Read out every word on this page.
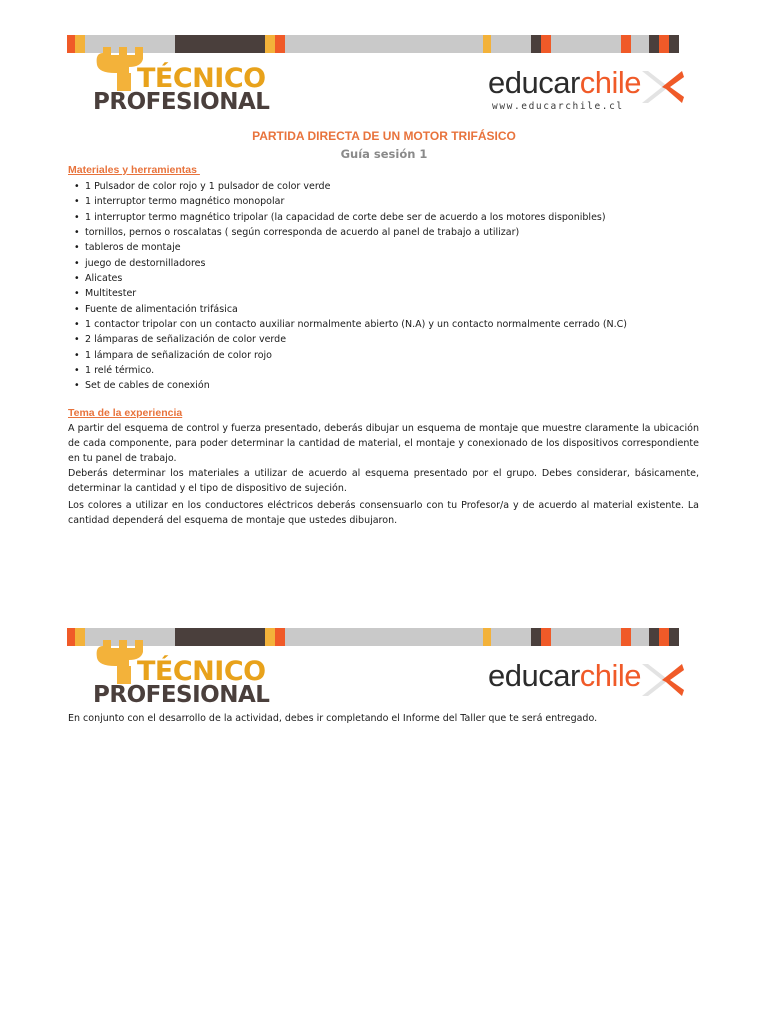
TÉCNICO
PROFESIONAL
educarchile
www.educarchile.cl
PARTIDA DIRECTA DE UN MOTOR TRIFÁSICO
Guía sesión 1
Materiales y herramientas
• 1 Pulsador de color rojo y 1 pulsador de color verde
• 1 interruptor termo magnético monopolar
• 1 interruptor termo magnético tripolar (la capacidad de corte debe ser de acuerdo a los motores disponibles)
• tornillos, pernos o roscalatas ( según corresponda de acuerdo al panel de trabajo a utilizar)
• tableros de montaje
• juego de destornilladores
• Alicates
• Multitester
• Fuente de alimentación trifásica
• 1 contactor tripolar con un contacto auxiliar normalmente abierto (N.A) y un contacto normalmente cerrado (N.C)
• 2 lámparas de señalización de color verde
• 1 lámpara de señalización de color rojo
• 1 relé térmico.
• Set de cables de conexión
Tema de la experiencia

A partir del esquema de control y fuerza presentado, deberás dibujar un esquema de montaje que muestre claramente la ubicación de cada componente, para poder determinar la cantidad de material, el montaje y conexionado de los dispositivos correspondiente en tu panel de trabajo.

Deberás determinar los materiales a utilizar de acuerdo al esquema presentado por el grupo. Debes considerar, básicamente, determinar la cantidad y el tipo de dispositivo de sujeción.

Los colores a utilizar en los conductores eléctricos deberás consensuarlo con tu Profesor/a y de acuerdo al material existente. La cantidad dependerá del esquema de montaje que ustedes dibujaron.

TÉCNICO
PROFESIONAL
educarchile

En conjunto con el desarrollo de la actividad, debes ir completando el Informe del Taller que te será entregado.
